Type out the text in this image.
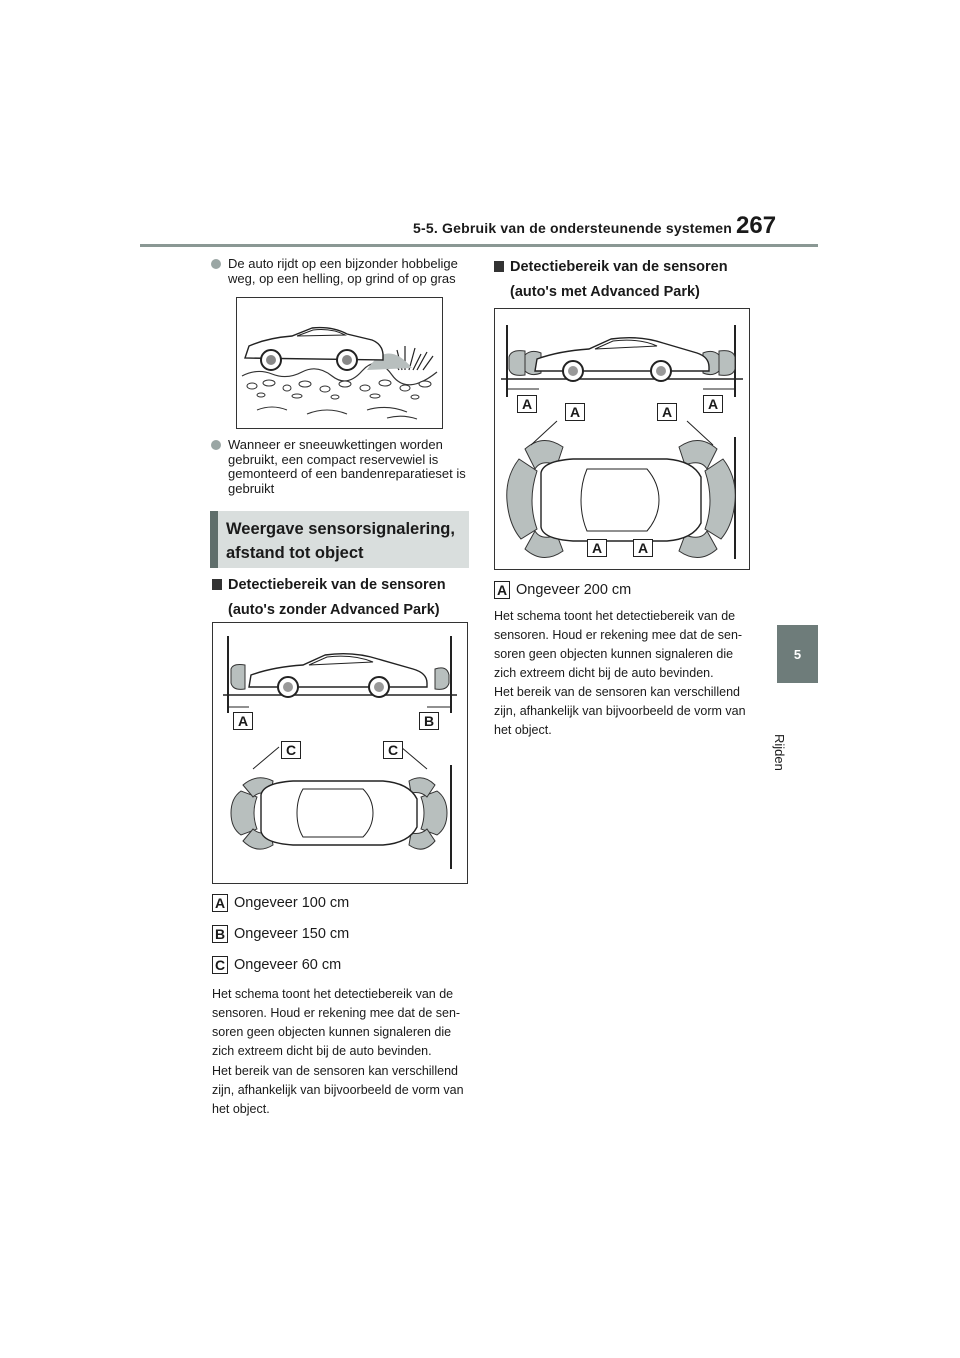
5-5. Gebruik van de ondersteunende systemen 267
5
Rijden
De auto rijdt op een bijzonder hobbelige weg, op een helling, op grind of op gras
Wanneer er sneeuwkettingen worden gebruikt, een compact reservewiel is gemonteerd of een bandenreparatieset is gebruikt
Weergave sensorsignalering, afstand tot object
Detectiebereik van de sensoren (auto's zonder Advanced Park)
A	B
C	C
A Ongeveer 100 cm
B Ongeveer 150 cm
C Ongeveer 60 cm
Het schema toont het detectiebereik van de sensoren. Houd er rekening mee dat de sen-soren geen objecten kunnen signaleren die zich extreem dicht bij de auto bevinden.
Het bereik van de sensoren kan verschillend zijn, afhankelijk van bijvoorbeeld de vorm van het object.
Detectiebereik van de sensoren (auto's met Advanced Park)
A	A	A	A
A	A
A Ongeveer 200 cm
Het schema toont het detectiebereik van de sensoren. Houd er rekening mee dat de sen-soren geen objecten kunnen signaleren die zich extreem dicht bij de auto bevinden.
Het bereik van de sensoren kan verschillend zijn, afhankelijk van bijvoorbeeld de vorm van het object.
